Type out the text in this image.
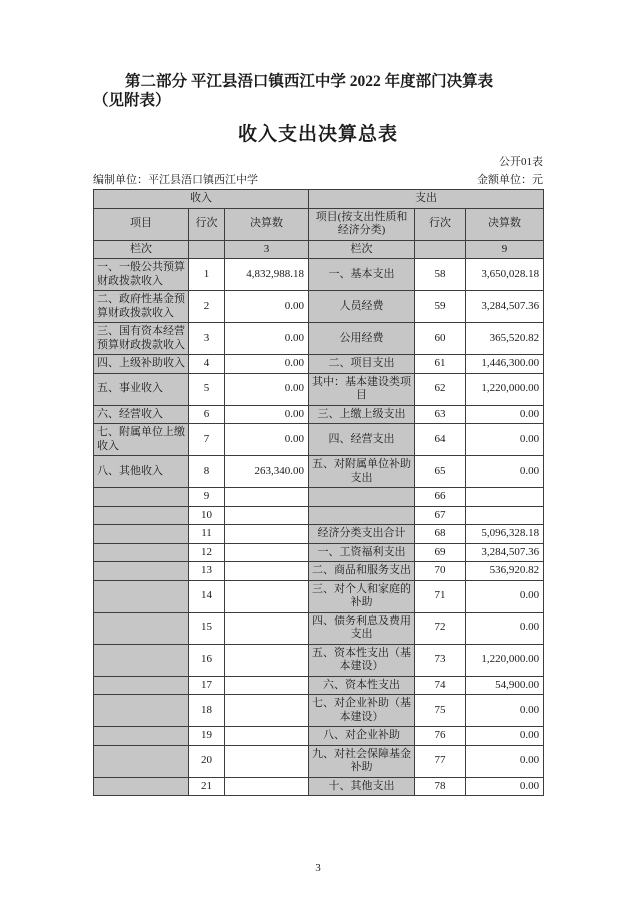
第二部分 平江县浯口镇西江中学 2022 年度部门决算表
（见附表）
收入支出决算总表
公开01表
编制单位：平江县浯口镇西江中学	金额单位：元
收入			支出		
项目	行次	决算数	项目(按支出性质和经济分类)	行次	决算数
栏次		3	栏次		9
一、一般公共预算财政拨款收入	1	4,832,988.18	一、基本支出	58	3,650,028.18
二、政府性基金预算财政拨款收入	2	0.00	人员经费	59	3,284,507.36
三、国有资本经营预算财政拨款收入	3	0.00	公用经费	60	365,520.82
四、上级补助收入	4	0.00	二、项目支出	61	1,446,300.00
五、事业收入	5	0.00	其中：基本建设类项目	62	1,220,000.00
六、经营收入	6	0.00	三、上缴上级支出	63	0.00
七、附属单位上缴收入	7	0.00	四、经营支出	64	0.00
八、其他收入	8	263,340.00	五、对附属单位补助支出	65	0.00
	9			66	
	10			67	
	11		经济分类支出合计	68	5,096,328.18
	12		一、工资福利支出	69	3,284,507.36
	13		二、商品和服务支出	70	536,920.82
	14		三、对个人和家庭的补助	71	0.00
	15		四、债务利息及费用支出	72	0.00
	16		五、资本性支出（基本建设）	73	1,220,000.00
	17		六、资本性支出	74	54,900.00
	18		七、对企业补助（基本建设）	75	0.00
	19		八、对企业补助	76	0.00
	20		九、对社会保障基金补助	77	0.00
	21		十、其他支出	78	0.00
3
